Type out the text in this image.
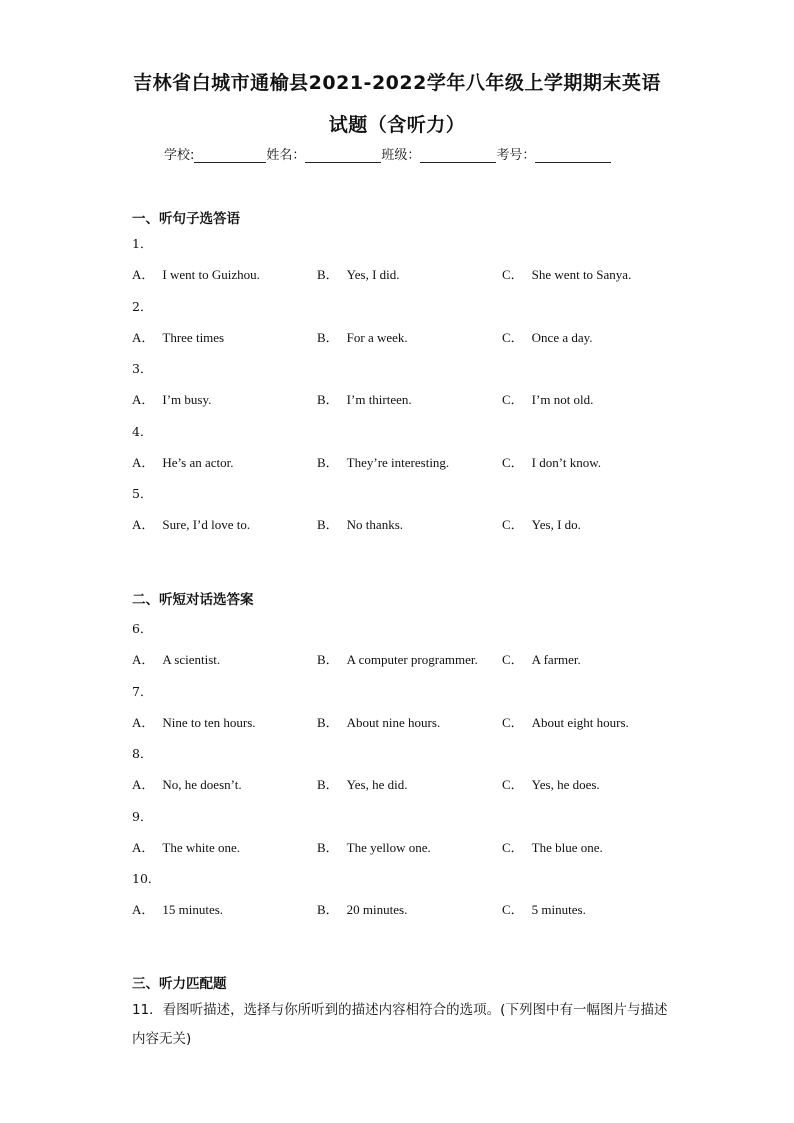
吉林省白城市通榆县2021-2022学年八年级上学期期末英语
试题（含听力）
学校:	姓名：	班级：	考号：
一、听句子选答语
1．
A． I went to Guizhou.	B． Yes, I did.	C． She went to Sanya.
2．
A． Three times	B． For a week.	C． Once a day.
3．
A． I’m busy.	B． I’m thirteen.	C． I’m not old.
4．
A． He’s an actor.	B． They’re interesting.	C． I don’t know.
5．
A． Sure, I’d love to.	B． No thanks.	C． Yes, I do.
二、听短对话选答案
6．
A． A scientist.	B． A computer programmer. C． A farmer.
7．
A． Nine to ten hours.	B． About nine hours.	C． About eight hours.
8．
A． No, he doesn’t.	B． Yes, he did.	C． Yes, he does.
9．
A． The white one.	B． The yellow one.	C． The blue one.
10．
A． 15 minutes.	B． 20 minutes.	C． 5 minutes.
三、听力匹配题
11．看图听描述，选择与你所听到的描述内容相符合的选项。(下列图中有一幅图片与描述内容无关)
